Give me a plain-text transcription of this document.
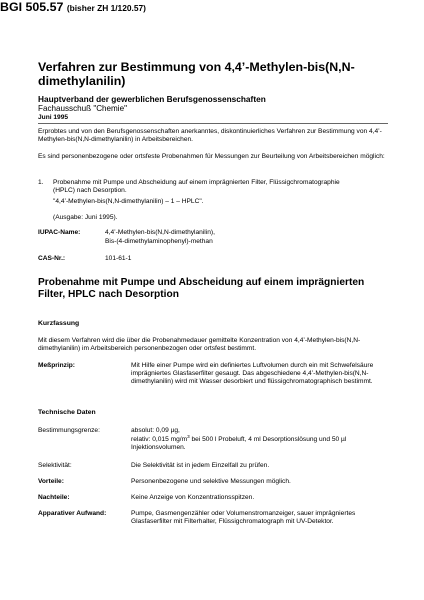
BGI 505.57 (bisher ZH 1/120.57)
Verfahren zur Bestimmung von 4,4’-Methylen-bis(N,N-dimethylanilin)
Hauptverband der gewerblichen Berufsgenossenschaften
Fachausschuß "Chemie"
Juni 1995
Erprobtes und von den Berufsgenossenschaften anerkanntes, diskontinuierliches Verfahren zur Bestimmung von 4,4’-Methylen-bis(N,N-dimethylanilin) in Arbeitsbereichen.
Es sind personenbezogene oder ortsfeste Probenahmen für Messungen zur Beurteilung von Arbeitsbereichen möglich:
1. Probenahme mit Pumpe und Abscheidung auf einem imprägnierten Filter, Flüssigchromatographie (HPLC) nach Desorption.
"4,4’-Methylen-bis(N,N-dimethylanilin) – 1 – HPLC".
(Ausgabe: Juni 1995).
IUPAC-Name:	4,4’-Methylen-bis(N,N-dimethylanilin),
Bis-(4-dimethylaminophenyl)-methan
CAS-Nr.:	101-61-1
Probenahme mit Pumpe und Abscheidung auf einem imprägnierten Filter, HPLC nach Desorption
Kurzfassung
Mit diesem Verfahren wird die über die Probenahmedauer gemittelte Konzentration von 4,4’-Methylen-bis(N,N-dimethylanilin) im Arbeitsbereich personenbezogen oder ortsfest bestimmt.
Meßprinzip:	Mit Hilfe einer Pumpe wird ein definiertes Luftvolumen durch ein mit Schwefelsäure imprägniertes Glasfaserfilter gesaugt. Das abgeschiedene 4,4’-Methylen-bis(N,N-dimethylanilin) wird mit Wasser desorbiert und flüssigchromatographisch bestimmt.
Technische Daten
Bestimmungsgrenze:	absolut: 0,09 µg,
relativ: 0,015 $mg/m^3$ bei 500 l Probeluft, 4 ml Desorptionslösung und 50 µl Injektionsvolumen.
Selektivität:	Die Selektivität ist in jedem Einzelfall zu prüfen.
Vorteile:	Personenbezogene und selektive Messungen möglich.
Nachteile:	Keine Anzeige von Konzentrationsspitzen.
Apparativer Aufwand:	Pumpe, Gasmengenzähler oder Volumenstromanzeiger, sauer imprägniertes Glasfaserfilter mit Filterhalter, Flüssigchromatograph mit UV-Detektor.
